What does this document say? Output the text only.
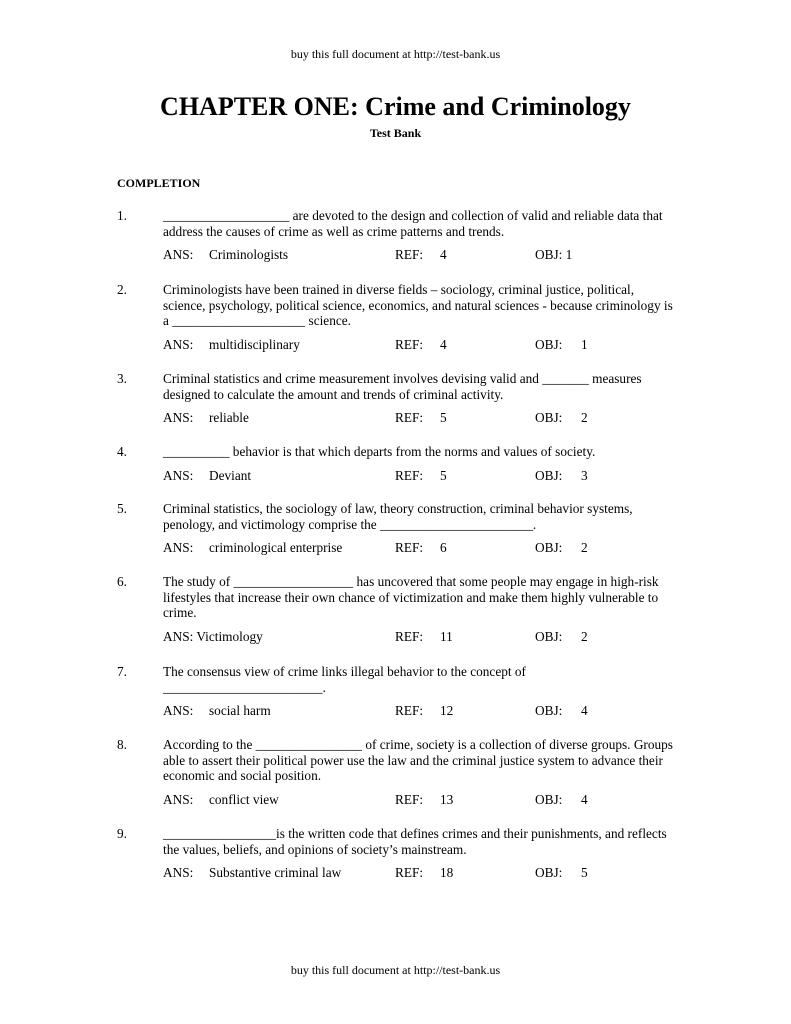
buy this full document at http://test-bank.us
CHAPTER ONE: Crime and Criminology
Test Bank
COMPLETION
1.	___________________ are devoted to the design and collection of valid and reliable data that address the causes of crime as well as crime patterns and trends.
ANS: Criminologists	REF: 4	OBJ: 1
2.	Criminologists have been trained in diverse fields – sociology, criminal justice, political, science, psychology, political science, economics, and natural sciences - because criminology is a ____________________ science.
ANS: multidisciplinary	REF: 4	OBJ: 1
3.	Criminal statistics and crime measurement involves devising valid and _______ measures designed to calculate the amount and trends of criminal activity.
ANS: reliable	REF: 5	OBJ: 2
4.	__________ behavior is that which departs from the norms and values of society.
ANS: Deviant	REF: 5	OBJ: 3
5.	Criminal statistics, the sociology of law, theory construction, criminal behavior systems, penology, and victimology comprise the _______________________.
ANS: criminological enterprise	REF: 6	OBJ: 2
6.	The study of __________________ has uncovered that some people may engage in high-risk lifestyles that increase their own chance of victimization and make them highly vulnerable to crime.
ANS: Victimology	REF: 11	OBJ: 2
7.	The consensus view of crime links illegal behavior to the concept of ________________________.
ANS: social harm	REF: 12	OBJ: 4
8.	According to the ________________ of crime, society is a collection of diverse groups. Groups able to assert their political power use the law and the criminal justice system to advance their economic and social position.
ANS: conflict view	REF: 13	OBJ: 4
9.	_________________is the written code that defines crimes and their punishments, and reflects the values, beliefs, and opinions of society’s mainstream.
ANS: Substantive criminal law	REF: 18	OBJ: 5
buy this full document at http://test-bank.us
